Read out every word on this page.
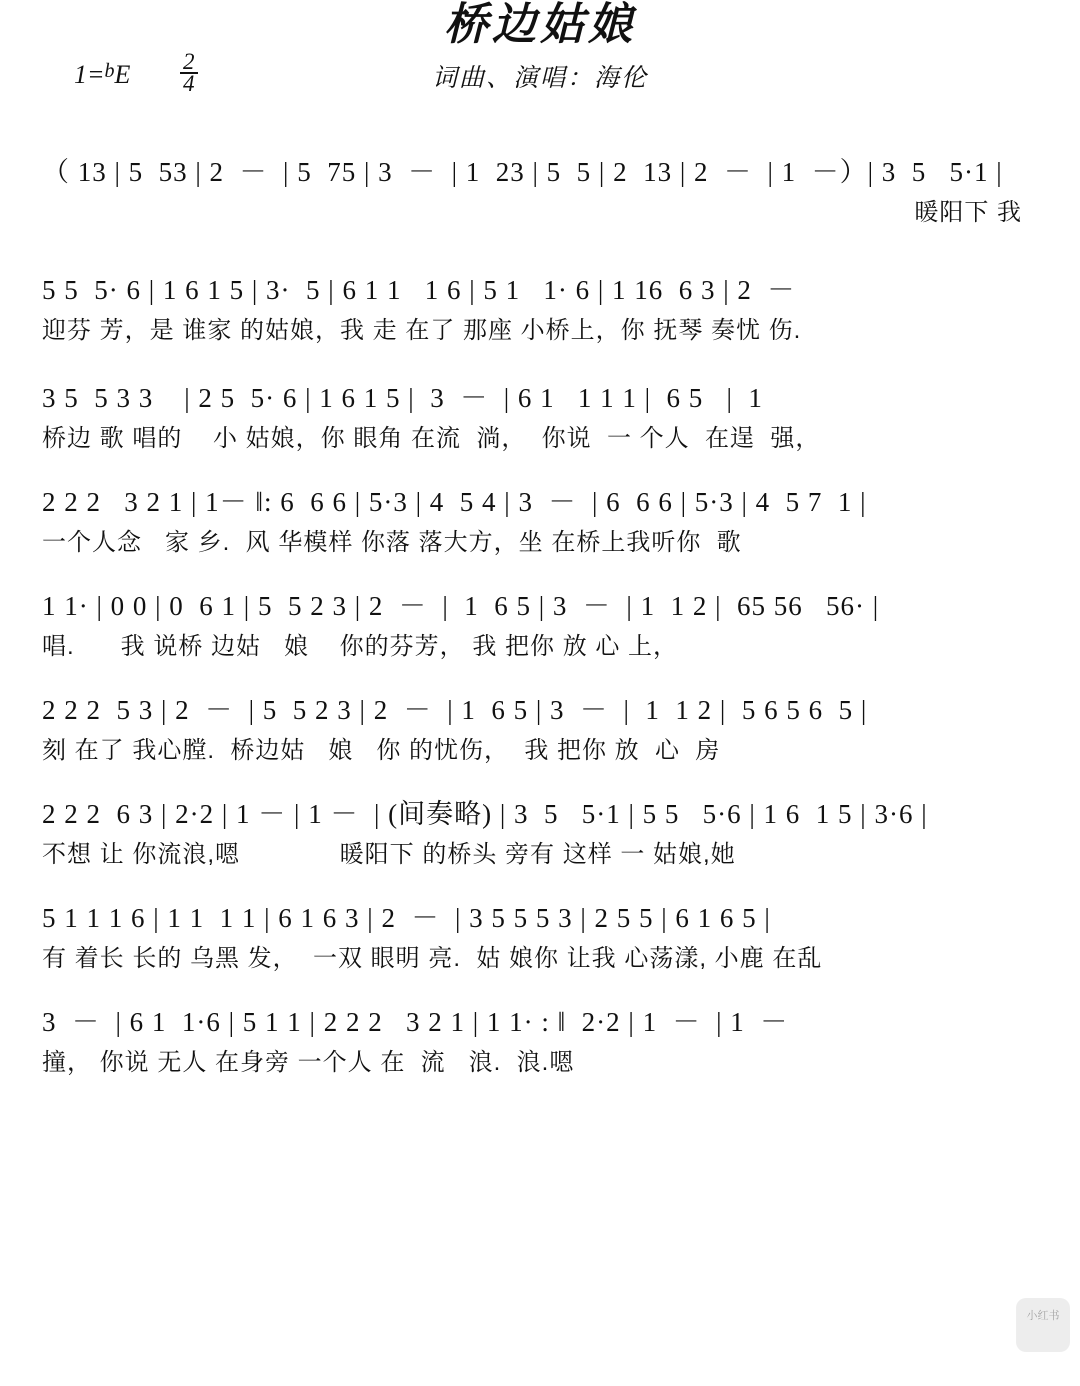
桥边姑娘
词曲、演唱：海伦
$1=^bE \frac{2}{4}$
（ 13 | 5  53 | 2  －  | 5  75 | 3  －  | 1  23 | 5  5 | 2  13 | 2  －  | 1  －）| 3  5   5·1 |
暖阳下 我
5 5  5· 6 | 1 6 1 5 | 3·  5 | 6 1 1   1 6 | 5 1   1· 6 | 1 16  6 3 | 2  －
迎芬 芳，是 谁家 的姑娘，我 走 在了 那座 小桥上，你 抚琴 奏忧 伤.
3 5  5 3 3    | 2 5  5· 6 | 1 6 1 5 |  3  －  | 6 1   1 1 1 |  6 5   |  1
桥边 歌 唱的    小 姑娘，你 眼角 在流  淌，  你说  一 个人  在逞  强，
2 2 2   3 2 1 | 1－ ‖: 6  6 6 | 5·3 | 4  5 4 | 3  －  | 6  6 6 | 5·3 | 4  5 7  1 |
一个人念   家 乡.  风 华模样 你落 落大方，坐 在桥上我听你  歌
1 1· | 0 0 | 0  6 1 | 5  5 2 3 | 2  －  |  1  6 5 | 3  －  | 1  1 2 |  65 56   56· |
唱.      我 说桥 边姑   娘    你的芬芳， 我 把你 放 心 上，
2 2 2  5 3 | 2  －  | 5  5 2 3 | 2  －  | 1  6 5 | 3  －  |  1  1 2 |  5 6 5 6  5 |
刻 在了 我心膛.  桥边姑   娘   你 的忧伤，  我 把你 放  心  房
2 2 2  6 3 | 2·2 | 1 － | 1 －  | (间奏略) | 3  5   5·1 | 5 5   5·6 | 1 6  1 5 | 3·6 |
不想 让 你流浪,嗯             暖阳下 的桥头 旁有 这样 一 姑娘,她
5 1 1 1 6 | 1 1  1 1 | 6 1 6 3 | 2  －  | 3 5 5 5 3 | 2 5 5 | 6 1 6 5 |
有 着长 长的 乌黑 发，  一双 眼明 亮.  姑 娘你 让我 心荡漾, 小鹿 在乱
3  －  | 6 1  1·6 | 5 1 1 | 2 2 2   3 2 1 | 1 1· : ‖  2·2 | 1  －  | 1  －
撞， 你说 无人 在身旁 一个人 在  流   浪.  浪.嗯
小红书
